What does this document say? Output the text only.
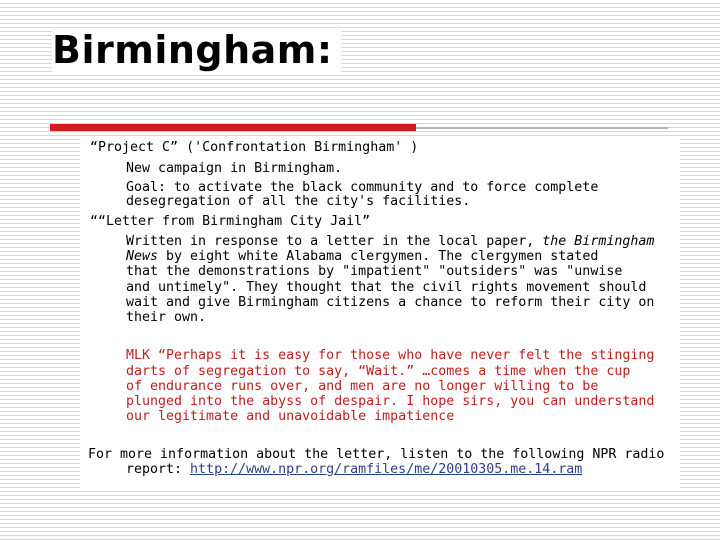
Birmingham:

“Project C” ('Confrontation Birmingham' )

New campaign in Birmingham.

Goal: to activate the black community and to force complete

desegregation of all the city's facilities.

““Letter from Birmingham City Jail”

Written in response to a letter in the local paper, the Birmingham

News by eight white Alabama clergymen. The clergymen stated

that the demonstrations by "impatient" "outsiders" was "unwise

and untimely". They thought that the civil rights movement should

wait and give Birmingham citizens a chance to reform their city on

their own.

MLK “Perhaps it is easy for those who have never felt the stinging

darts of segregation to say, “Wait.” …comes a time when the cup

of endurance runs over, and men are no longer willing to be

plunged into the abyss of despair. I hope sirs, you can understand

our legitimate and unavoidable impatience

For more information about the letter, listen to the following NPR radio

report: http://www.npr.org/ramfiles/me/20010305.me.14.ram
